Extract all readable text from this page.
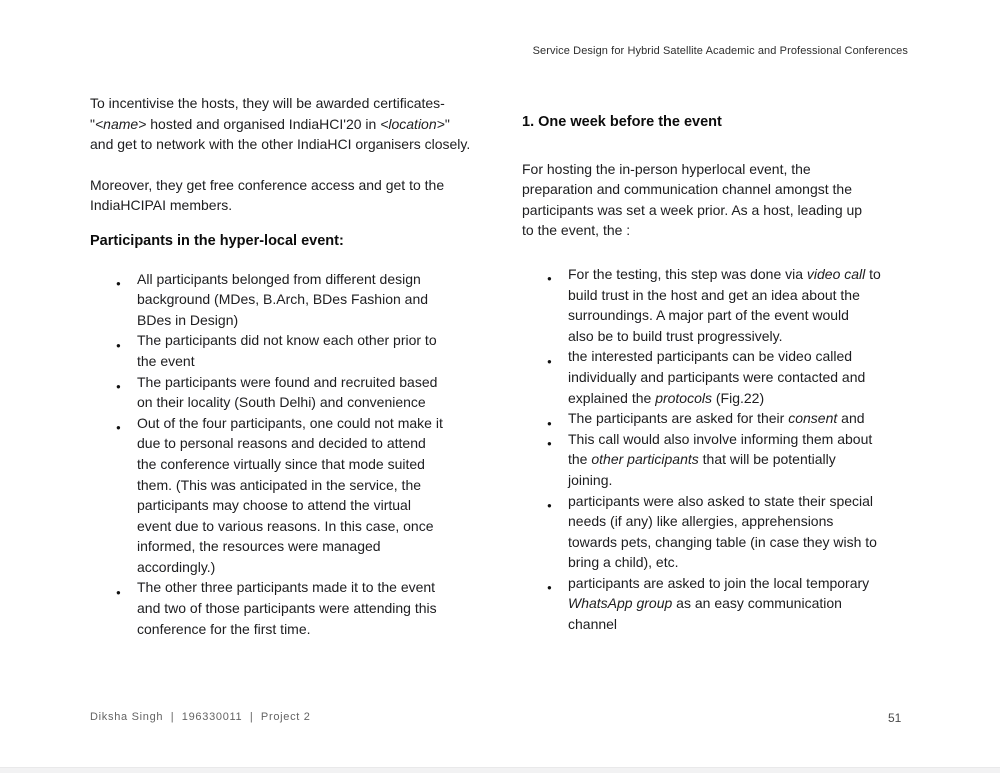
Service Design for Hybrid Satellite Academic and Professional Conferences

To incentivise the hosts, they will be awarded certificates-
"<name> hosted and organised IndiaHCI'20 in <location>"
and get to network with the other IndiaHCI organisers closely.

Moreover, they get free conference access and get to the
IndiaHCIPAI members.

Participants in the hyper-local event:
● All participants belonged from different design
background (MDes, B.Arch, BDes Fashion and
BDes in Design)
● The participants did not know each other prior to
the event
● The participants were found and recruited based
on their locality (South Delhi) and convenience
● Out of the four participants, one could not make it
due to personal reasons and decided to attend
the conference virtually since that mode suited
them. (This was anticipated in the service, the
participants may choose to attend the virtual
event due to various reasons. In this case, once
informed, the resources were managed
accordingly.)
● The other three participants made it to the event
and two of those participants were attending this
conference for the first time.
1. One week before the event

For hosting the in-person hyperlocal event, the
preparation and communication channel amongst the
participants was set a week prior. As a host, leading up
to the event, the :

● For the testing, this step was done via video call to
build trust in the host and get an idea about the
surroundings. A major part of the event would
also be to build trust progressively.
● the interested participants can be video called
individually and participants were contacted and
explained the protocols (Fig.22)
● The participants are asked for their consent and
● This call would also involve informing them about
the other participants that will be potentially
joining.
● participants were also asked to state their special
needs (if any) like allergies, apprehensions
towards pets, changing table (in case they wish to
bring a child), etc.
● participants are asked to join the local temporary
WhatsApp group as an easy communication
channel
Diksha Singh  |  196330011  |  Project 2	51
